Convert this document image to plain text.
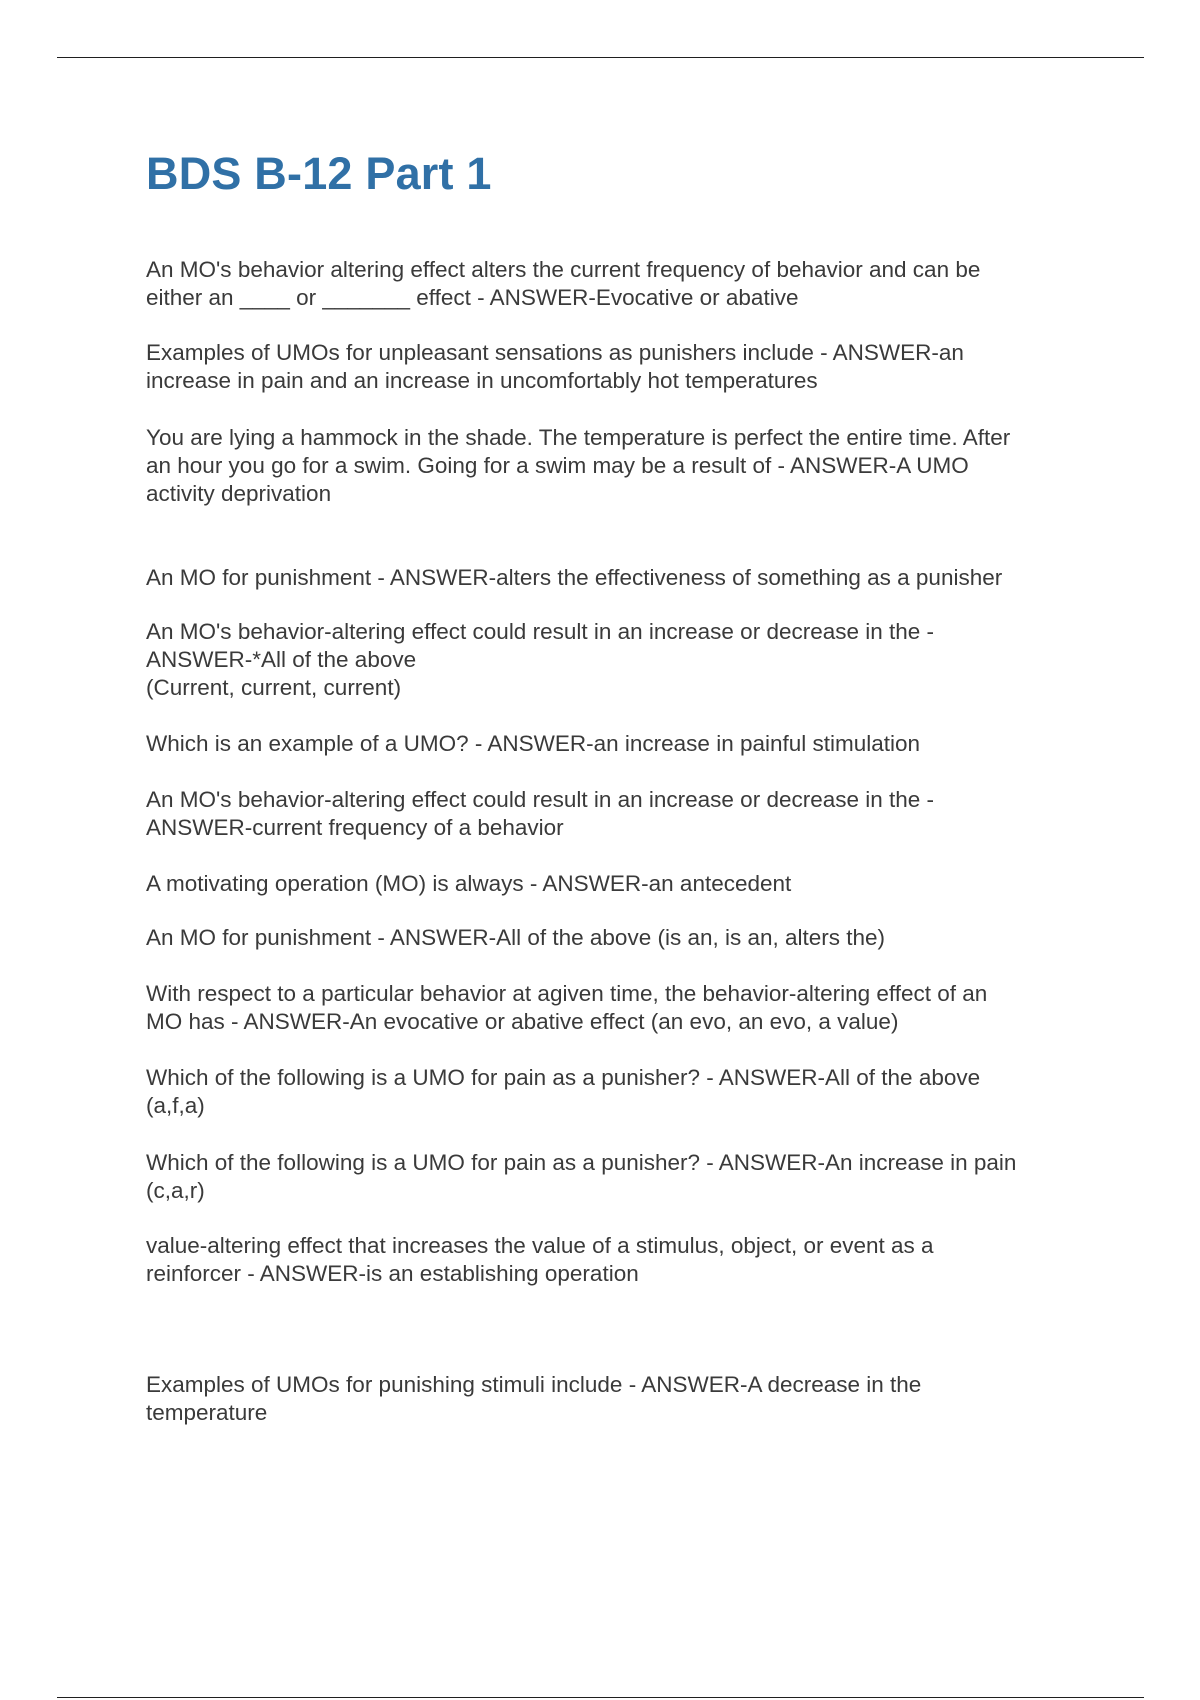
BDS B-12 Part 1

An MO's behavior altering effect alters the current frequency of behavior and can be
either an ____ or _______ effect - ANSWER-Evocative or abative

Examples of UMOs for unpleasant sensations as punishers include - ANSWER-an
increase in pain and an increase in uncomfortably hot temperatures

You are lying a hammock in the shade. The temperature is perfect the entire time. After
an hour you go for a swim. Going for a swim may be a result of - ANSWER-A UMO
activity deprivation

An MO for punishment - ANSWER-alters the effectiveness of something as a punisher

An MO's behavior-altering effect could result in an increase or decrease in the -
ANSWER-*All of the above
(Current, current, current)

Which is an example of a UMO? - ANSWER-an increase in painful stimulation

An MO's behavior-altering effect could result in an increase or decrease in the -
ANSWER-current frequency of a behavior

A motivating operation (MO) is always - ANSWER-an antecedent

An MO for punishment - ANSWER-All of the above (is an, is an, alters the)

With respect to a particular behavior at agiven time, the behavior-altering effect of an
MO has - ANSWER-An evocative or abative effect (an evo, an evo, a value)

Which of the following is a UMO for pain as a punisher? - ANSWER-All of the above
(a,f,a)

Which of the following is a UMO for pain as a punisher? - ANSWER-An increase in pain
(c,a,r)

value-altering effect that increases the value of a stimulus, object, or event as a
reinforcer - ANSWER-is an establishing operation

Examples of UMOs for punishing stimuli include - ANSWER-A decrease in the
temperature
